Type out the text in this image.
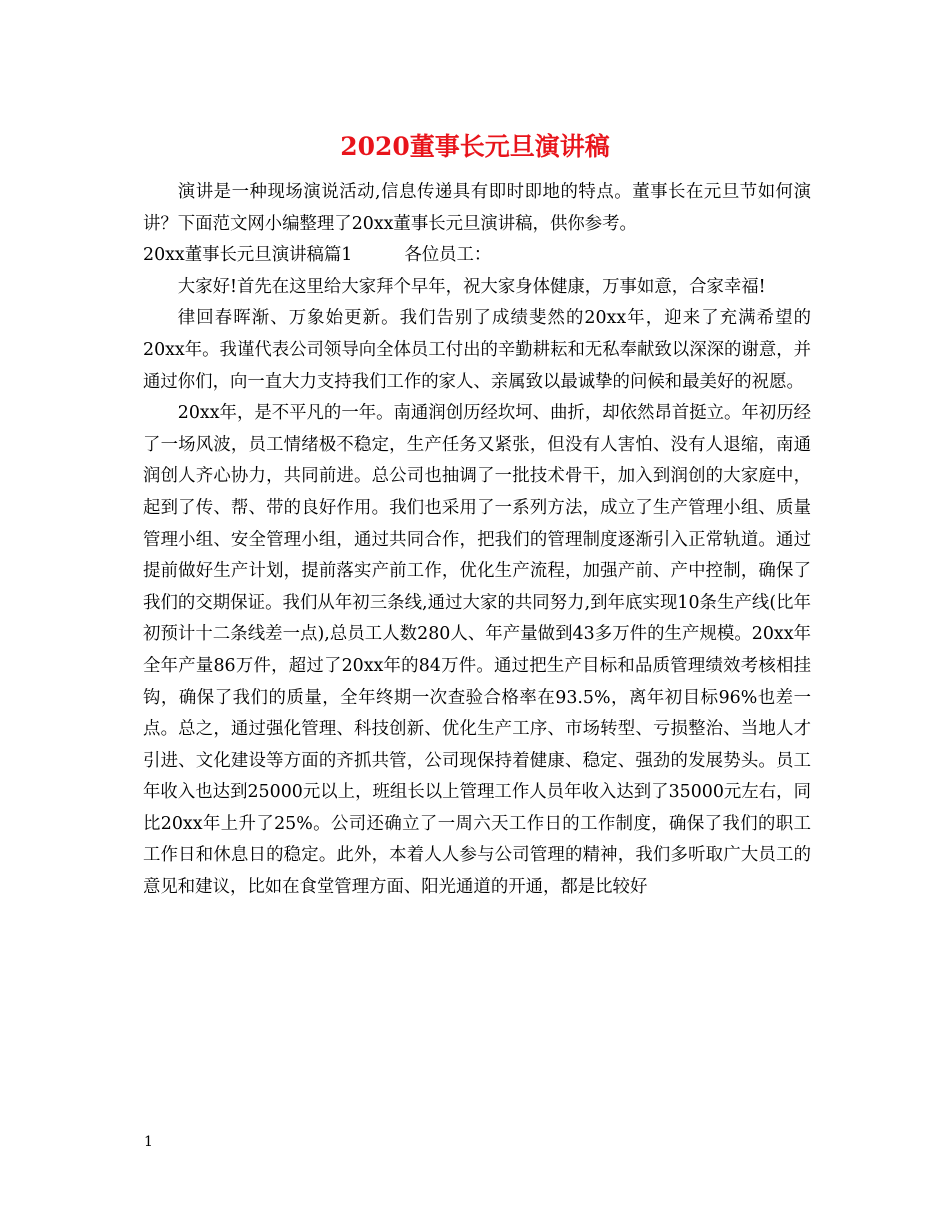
2020董事长元旦演讲稿

演讲是一种现场演说活动,信息传递具有即时即地的特点。董事长在元旦节如何演讲？下面范文网小编整理了20xx董事长元旦演讲稿，供你参考。

20xx董事长元旦演讲稿篇1	各位员工：

大家好!首先在这里给大家拜个早年，祝大家身体健康，万事如意，合家幸福!

律回春晖渐、万象始更新。我们告别了成绩斐然的20xx年，迎来了充满希望的20xx年。我谨代表公司领导向全体员工付出的辛勤耕耘和无私奉献致以深深的谢意，并通过你们，向一直大力支持我们工作的家人、亲属致以最诚挚的问候和最美好的祝愿。

20xx年，是不平凡的一年。南通润创历经坎坷、曲折，却依然昂首挺立。年初历经了一场风波，员工情绪极不稳定，生产任务又紧张，但没有人害怕、没有人退缩，南通润创人齐心协力，共同前进。总公司也抽调了一批技术骨干，加入到润创的大家庭中，起到了传、帮、带的良好作用。我们也采用了一系列方法，成立了生产管理小组、质量管理小组、安全管理小组，通过共同合作，把我们的管理制度逐渐引入正常轨道。通过提前做好生产计划，提前落实产前工作，优化生产流程，加强产前、产中控制，确保了我们的交期保证。我们从年初三条线,通过大家的共同努力,到年底实现10条生产线(比年初预计十二条线差一点),总员工人数280人、年产量做到43多万件的生产规模。20xx年全年产量86万件，超过了20xx年的84万件。通过把生产目标和品质管理绩效考核相挂钩，确保了我们的质量，全年终期一次查验合格率在93.5%，离年初目标96%也差一点。总之，通过强化管理、科技创新、优化生产工序、市场转型、亏损整治、当地人才引进、文化建设等方面的齐抓共管，公司现保持着健康、稳定、强劲的发展势头。员工年收入也达到25000元以上，班组长以上管理工作人员年收入达到了35000元左右，同比20xx年上升了25%。公司还确立了一周六天工作日的工作制度，确保了我们的职工工作日和休息日的稳定。此外，本着人人参与公司管理的精神，我们多听取广大员工的意见和建议，比如在食堂管理方面、阳光通道的开通，都是比较好

1
